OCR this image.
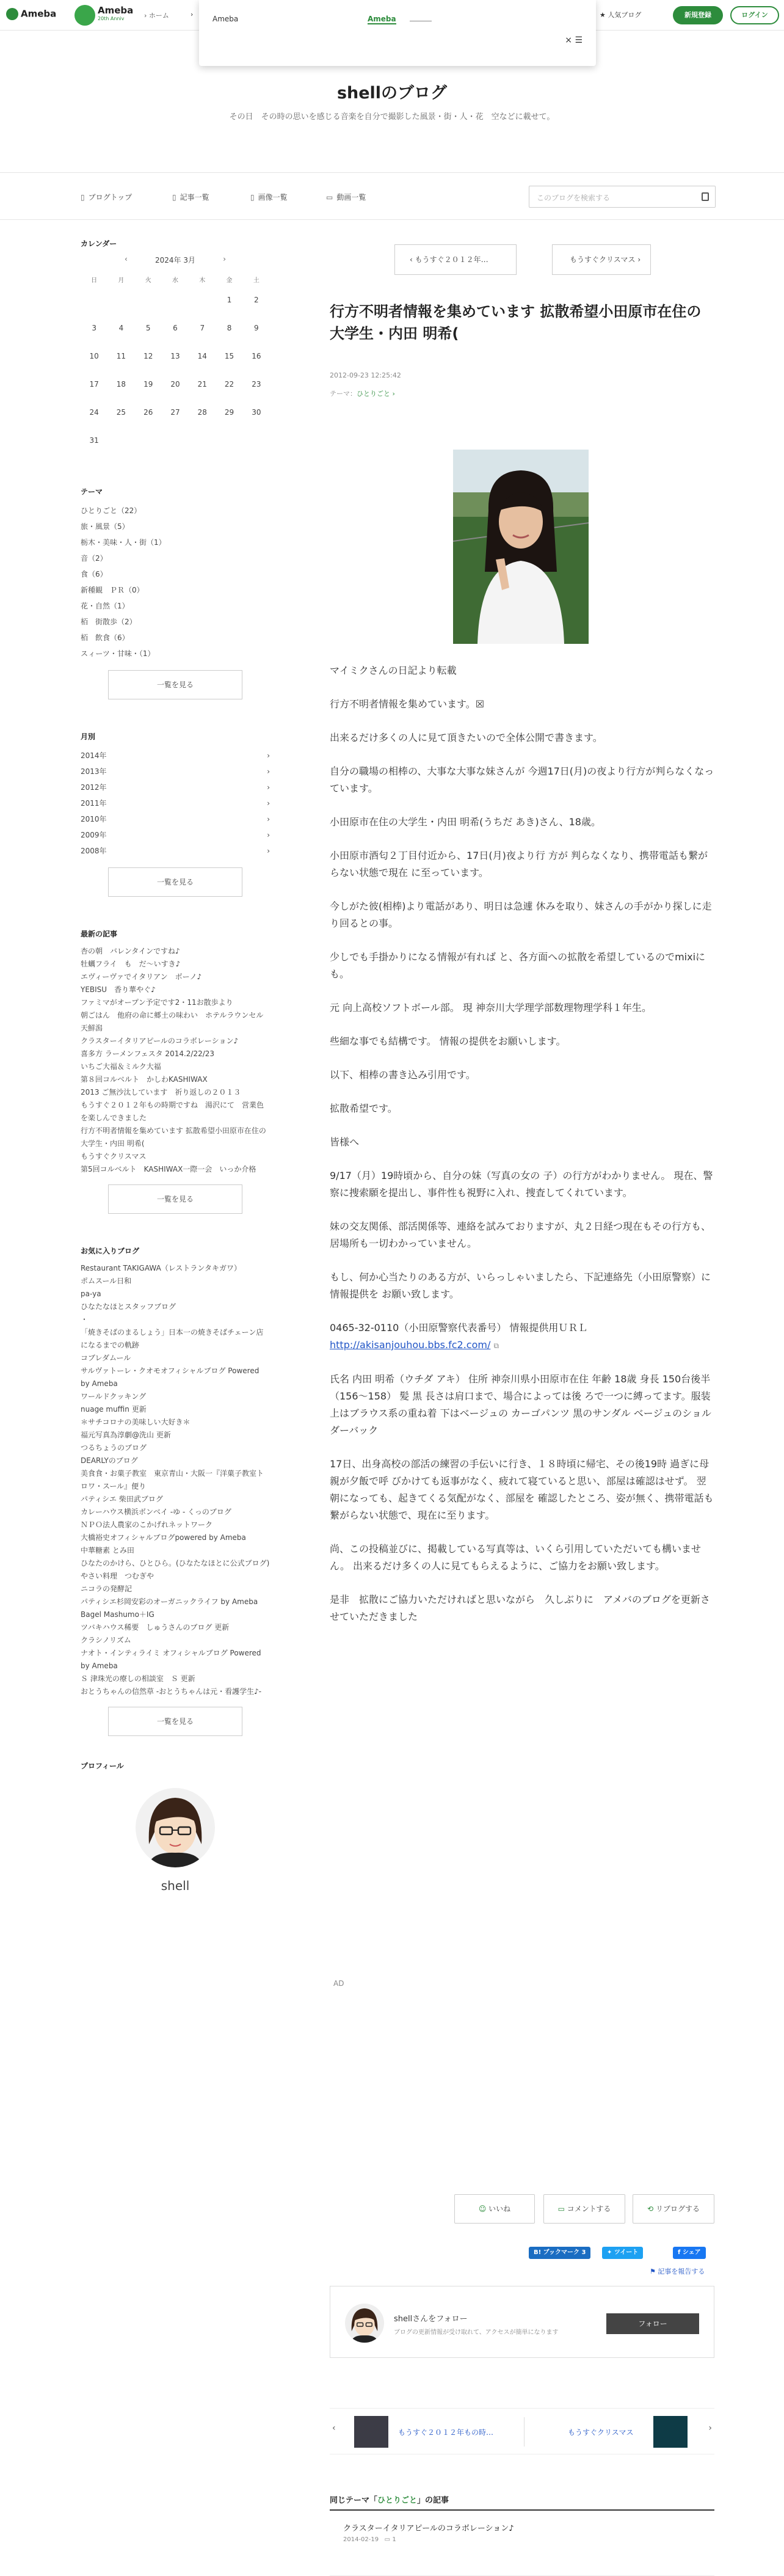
Ameba	Ameba
20th Anniv	› ホーム	›	★ 人気ブログ	新規登録	ログイン
Ameba	Ameba
× ☰
shellのブログ
その日　その時の思いを感じる音楽を自分で撮影した風景・街・人・花　空などに載せて。
▯ ブログトップ	▯ 記事一覧	▯ 画像一覧	▭ 動画一覧	このブログを検索する
カレンダー
‹	2024年 3月	›
日	月	火	水	木	金	土
					1	2
3	4	5	6	7	8	9
10	11	12	13	14	15	16
17	18	19	20	21	22	23
24	25	26	27	28	29	30
31						
テーマ
ひとりごと（22）
旅・風景（5）
栃木・美味・人・街（1）
音（2）
食（6）
新種観　ＰＲ（0）
花・自然（1）
栢　街散歩（2）
栢　飲食（6）
スィーツ・甘味・（1）
一覧を見る
月別
2014年	›
2013年	›
2012年	›
2011年	›
2010年	›
2009年	›
2008年	›
一覧を見る
最新の記事
杏の朝　バレンタインですね♪
牡蠣フライ　も　だ～いすき♪
エヴィーヴァでイタリアン　ボーノ♪
YEBISU　香り華やぐ♪
ファミマがオープン予定です2・11お散歩より
朝ごはん　他府の命に郷土の味わい　ホテルラウンセル天鮮潟
クラスターイタリアピールのコラボレーション♪
喜多方 ラーメンフェスタ 2014.2/22/23
いちご大福＆ミルク大福
第８回コルベルト　かしわKASHIWAX
2013 ご無沙汰しています　祈り返しの２０１３
もうすぐ２０１２年もの時期ですね　湯沢にて　営業色を楽しんできました
行方不明者情報を集めています 拡散希望小田原市在住の大学生・内田 明希(
もうすぐクリスマス
第5回コルベルト　KASHIWAX一際一会　いっか介格
一覧を見る
お気に入りブログ
Restaurant TAKIGAWA（レストランタキガワ）
ポムスール日和
pa-ya
ひなたなほとスタッフブログ
・
「焼きそばのまるしょう」日本一の焼きそばチェーン店になるまでの軌跡
コブレダムール
サルヴァトーレ・クオモオフィシャルブログ Powered by Ameba
ワールドクッキング
nuage muffin 更新
＊サチコロナの美味しい大好き＊
福元写真為淳劇@洗山 更新
つるちょうのブログ
DEARLYのブログ
美食食・お菓子教室　東京青山・大阪一『洋菓子教室トロワ・スール』便り
パティシエ 柴田武ブログ
カレーハウス横浜ボンベイ -ゆ - くっのブログ
ＮＰＯ法人農家のこかげれネットワーク
大橋裕史オフィシャルブログpowered by Ameba
中華糖素 とみ田
ひなたのかけら、ひとひら。(ひなたなほとに公式ブログ)
やさい料理　つむぎや
ニコラの発酵記
パティシエ杉岡安彩のオーガニックライフ by Ameba
Bagel Mashumo＋IG
ツバキハウス稀要　しゅうさんのブログ 更新
クラシノリズム
ナオト・インティライミ オフィシャルブログ Powered by Ameba
Ｓ 津珠光の療しの相談室　Ｓ 更新
おとうちゃんの信然草 -おとうちゃんは元・看護学生♪-
一覧を見る
プロフィール
shell
‹ もうすぐ２０１２年…	もうすぐクリスマス ›
行方不明者情報を集めています 拡散希望小田原市在住の大学生・内田 明希(
2012-09-23 12:25:42
テーマ：ひとりごと ›

マイミクさんの日記より転載

行方不明者情報を集めています。☒

出来るだけ多くの人に見て頂きたいので全体公開で書きます。

自分の職場の相棒の、大事な大事な妹さんが 今週17日(月)の夜より行方が判らなくなっています。

小田原市在住の大学生・内田 明希(うちだ あき)さん、18歳。

小田原市酒匂２丁目付近から、17日(月)夜より行 方が 判らなくなり、携帯電話も繋がらない状態で現在 に至っています。

今しがた彼(相棒)より電話があり、明日は急遽 休みを取り、妹さんの手がかり探しに走り回るとの事。

少しでも手掛かりになる情報が有れば と、各方面への拡散を希望しているのでmixiにも。

元 向上高校ソフトボール部。 現 神奈川大学理学部数理物理学科１年生。

些細な事でも結構です。 情報の提供をお願いします。

以下、相棒の書き込み引用です。

拡散希望です。

皆様へ

9/17（月）19時頃から、自分の妹（写真の女の 子）の行方がわかりません。 現在、警察に捜索願を提出し、事件性も視野に入れ、捜査してくれています。

妹の交友関係、部活関係等、連絡を試みておりますが、丸２日経つ現在もその行方も、居場所も一切わかっていません。

もし、何か心当たりのある方が、いらっしゃいましたら、下記連絡先（小田原警察）に情報提供を お願い致します。

0465-32-0110（小田原警察代表番号） 情報提供用ＵＲＬ http://akisanjouhou.bbs.fc2.com/ ⧉

氏名 内田 明希（ウチダ アキ） 住所 神奈川県小田原市在住 年齢 18歳 身長 150台後半（156～158） 髪 黒 長さは肩口まで、場合によっては後 ろで一つに縛ってます。服装 上はブラウス系の重ね着 下はベージュの カーゴパンツ 黒のサンダル ベージュのショル ダーバック

17日、出身高校の部活の練習の手伝いに行き、１８時頃に帰宅、その後19時 過ぎに母親が夕飯で呼 びかけても返事がなく、疲れて寝ていると思い、部屋は確認はせず。 翌朝になっても、起きてくる気配がなく、部屋を 確認したところ、姿が無く、携帯電話も繋がらない状態で、現在に至ります。

尚、この投稿並びに、掲載している写真等は、いくら引用していただいても構いません。 出来るだけ多くの人に見てもらえるように、ご協力をお願い致します。

是非　拡散にご協力いただければと思いながら　久しぶりに　アメバのブログを更新させていただきました

AD
☺ いいね	▭ コメントする	⟲ リブログする
B! ブックマーク 3	✦ ツイート	f シェア
⚑ 記事を報告する
shellさんをフォロー
ブログの更新情報が受け取れて、アクセスが簡単になります
フォロー
‹	もうすぐ２０１２年もの時…	もうすぐクリスマス	›
同じテーマ「ひとりごと」の記事
クラスターイタリアピールのコラボレーション♪
2014-02-19 ▭ 1
